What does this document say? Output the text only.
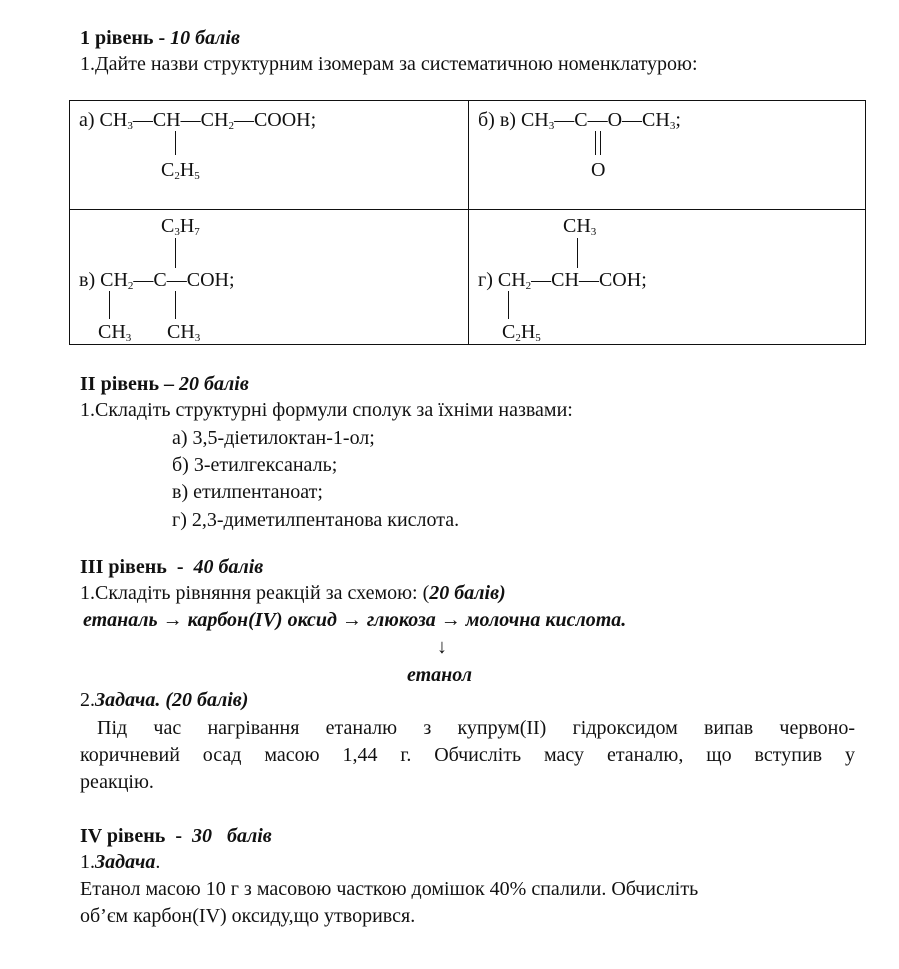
1 рівень - 10 балів
1.Дайте назви структурним ізомерам за систематичною номенклатурою:
а) $CH_3—CH—CH_2—COOH$;
$C_2H_5$
б) в) $CH_3—C—O—CH_3$;
O
$C_3H_7$
в) $CH_2—C—COH$;
$CH_3$ $CH_3$
$CH_3$
г) $CH_2—CH—COH$;
$C_2H_5$
ІІ рівень – 20 балів
1.Складіть структурні формули сполук за їхніми назвами:
а) 3,5-діетилоктан-1-ол;
б) 3-етилгексаналь;
в) етилпентаноат;
г) 2,3-диметилпентанова кислота.
ІІІ рівень  -  40 балів
1.Складіть рівняння реакцій за схемою: (20 балів)
етаналь → карбон(IV) оксид → глюкоза → молочна кислота.
↓
етанол
2.Задача. (20 балів)
Під час нагрівання етаналю з купрум(II) гідроксидом випав червоно-
коричневий осад масою 1,44 г. Обчисліть масу етаналю, що вступив у
реакцію.
IV рівень  -  30   балів
1.Задача.
Етанол масою 10 г з масовою часткою домішок 40% спалили. Обчисліть
об’єм карбон(IV) оксиду,що утворився.
